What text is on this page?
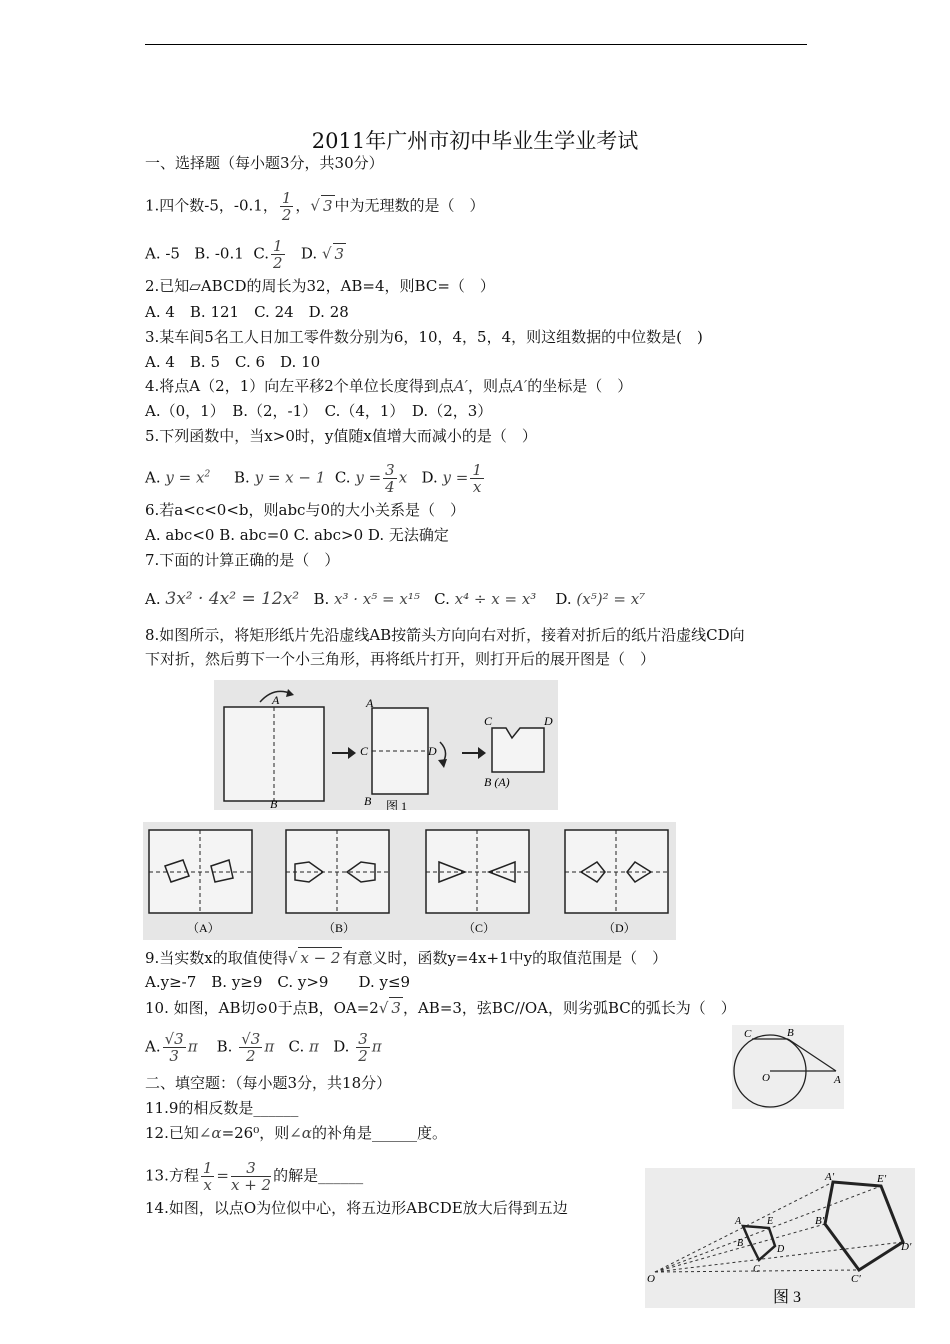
2011年广州市初中毕业生学业考试
一、选择题（每小题3分，共30分）
1.四个数-5，-0.1， $\frac{1}{2}$ ，√ 3 中为无理数的是（　）
A. -5 B. -0.1 C. $\frac{1}{2} D$. √ 3
2.已知▱ABCD的周长为32，AB=4，则BC=（　）
A. 4　B. 121　C. 24　D. 28
3.某车间5名工人日加工零件数分别为6，10，4，5，4，则这组数据的中位数是(　)
A. 4　B. 5　C. 6　D. 10
4.将点A（2，1）向左平移2个单位长度得到点A′，则点A′的坐标是（　）
A.（0，1）　B.（2，-1）　C.（4，1）　D.（2，3）
5.下列函数中，当x>0时，y值随x值增大而减小的是（　）
A. $y = x^2$ B. y = x − 1 C. $y = \frac{3}{4}$ x D. $y = \frac{1}{x}$
6.若a<c<0<b，则abc与0的大小关系是（　）
A. abc<0 B. abc=0 C. abc>0 D. 无法确定
7.下面的计算正确的是（　）
A. 3x² · 4x² = 12x² B. x³ · x⁵ = x¹⁵ C. x⁴ ÷ x = x³ D. (x⁵)² = x⁷
8.如图所示，将矩形纸片先沿虚线AB按箭头方向向右对折，接着对折后的纸片沿虚线CD向
下对折，然后剪下一个小三角形，再将纸片打开，则打开后的展开图是（　）
A
B
A
B
C	D
C	D
B (A)
图 1
（A）	（B）	（C）	（D）
9.当实数x的取值使得√ x − 2 有意义时，函数y=4x+1中y的取值范围是（　）
A.y≥-7　B. y≥9　C. y>9　　D. y≤9
10. 如图，AB切⊙0于点B，OA=2√ 3 ，AB=3，弦BC//OA，则劣弧BC的弧长为（　）
A. $\frac{√3}{3}$ π B. $\frac{√3}{2}$ π C. π D. $\frac{3}{2}$ π
C	B
O	A
二、填空题：（每小题3分，共18分）
11.9的相反数是______
12.已知∠α=26⁰，则∠α的补角是______度。
13.方程 $\frac{1}{x} = \frac{3}{x + 2}$ 的解是______
14.如图，以点O为位似中心，将五边形ABCDE放大后得到五边
A′	E′
B′
D′
C′
A	E
B
D
C
O
图 3
